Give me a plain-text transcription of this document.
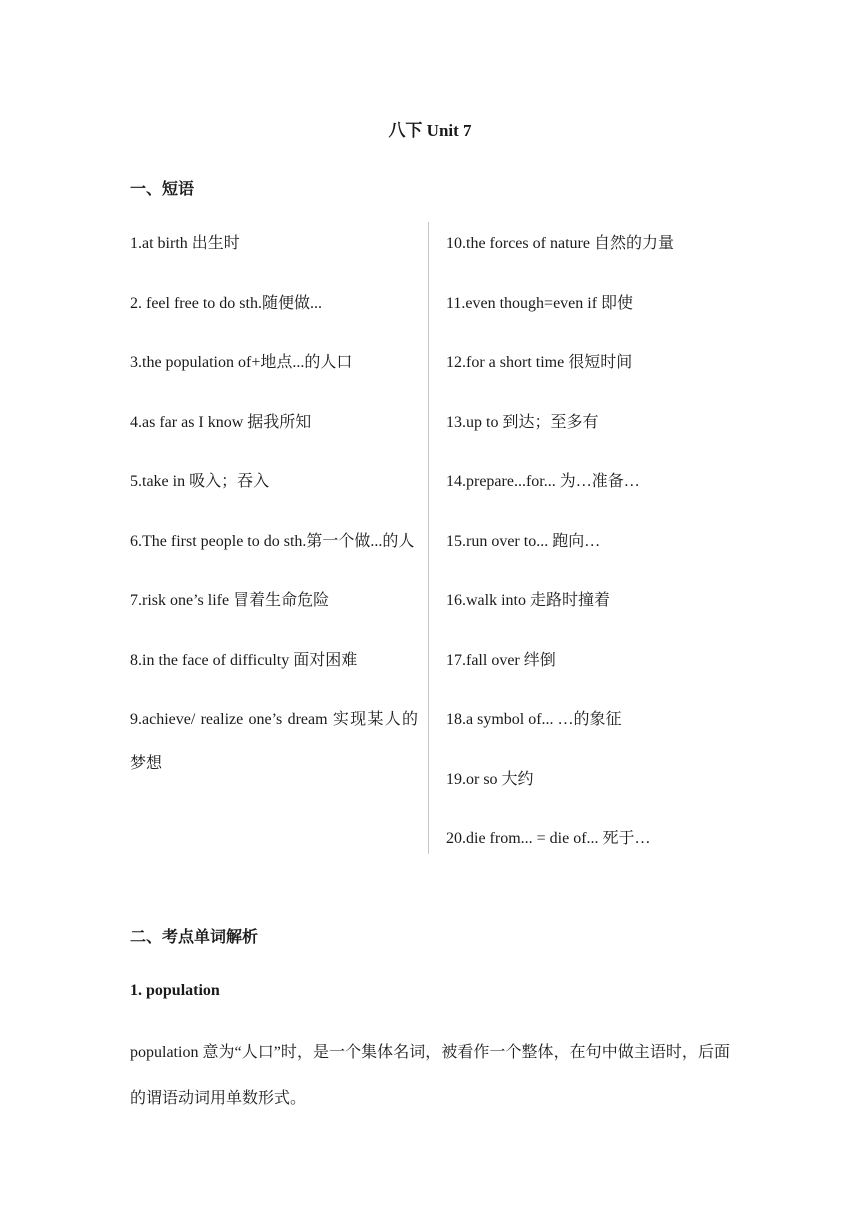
八下 Unit 7
一、短语
1.at birth 出生时
2. feel free to do sth.随便做...
3.the population of+地点...的人口
4.as far as I know 据我所知
5.take in 吸入；吞入
6.The first people to do sth.第一个做...的人
7.risk one’s life 冒着生命危险
8.in the face of difficulty 面对困难
9.achieve/ realize one’s dream 实现某人的梦想
10.the forces of nature 自然的力量
11.even though=even if 即使
12.for a short time 很短时间
13.up to 到达；至多有
14.prepare...for... 为…准备…
15.run over to... 跑向…
16.walk into 走路时撞着
17.fall over 绊倒
18.a symbol of... …的象征
19.or so 大约
20.die from... = die of... 死于…
二、考点单词解析
1. population
population 意为“人口”时，是一个集体名词，被看作一个整体，在句中做主语时，后面的谓语动词用单数形式。
